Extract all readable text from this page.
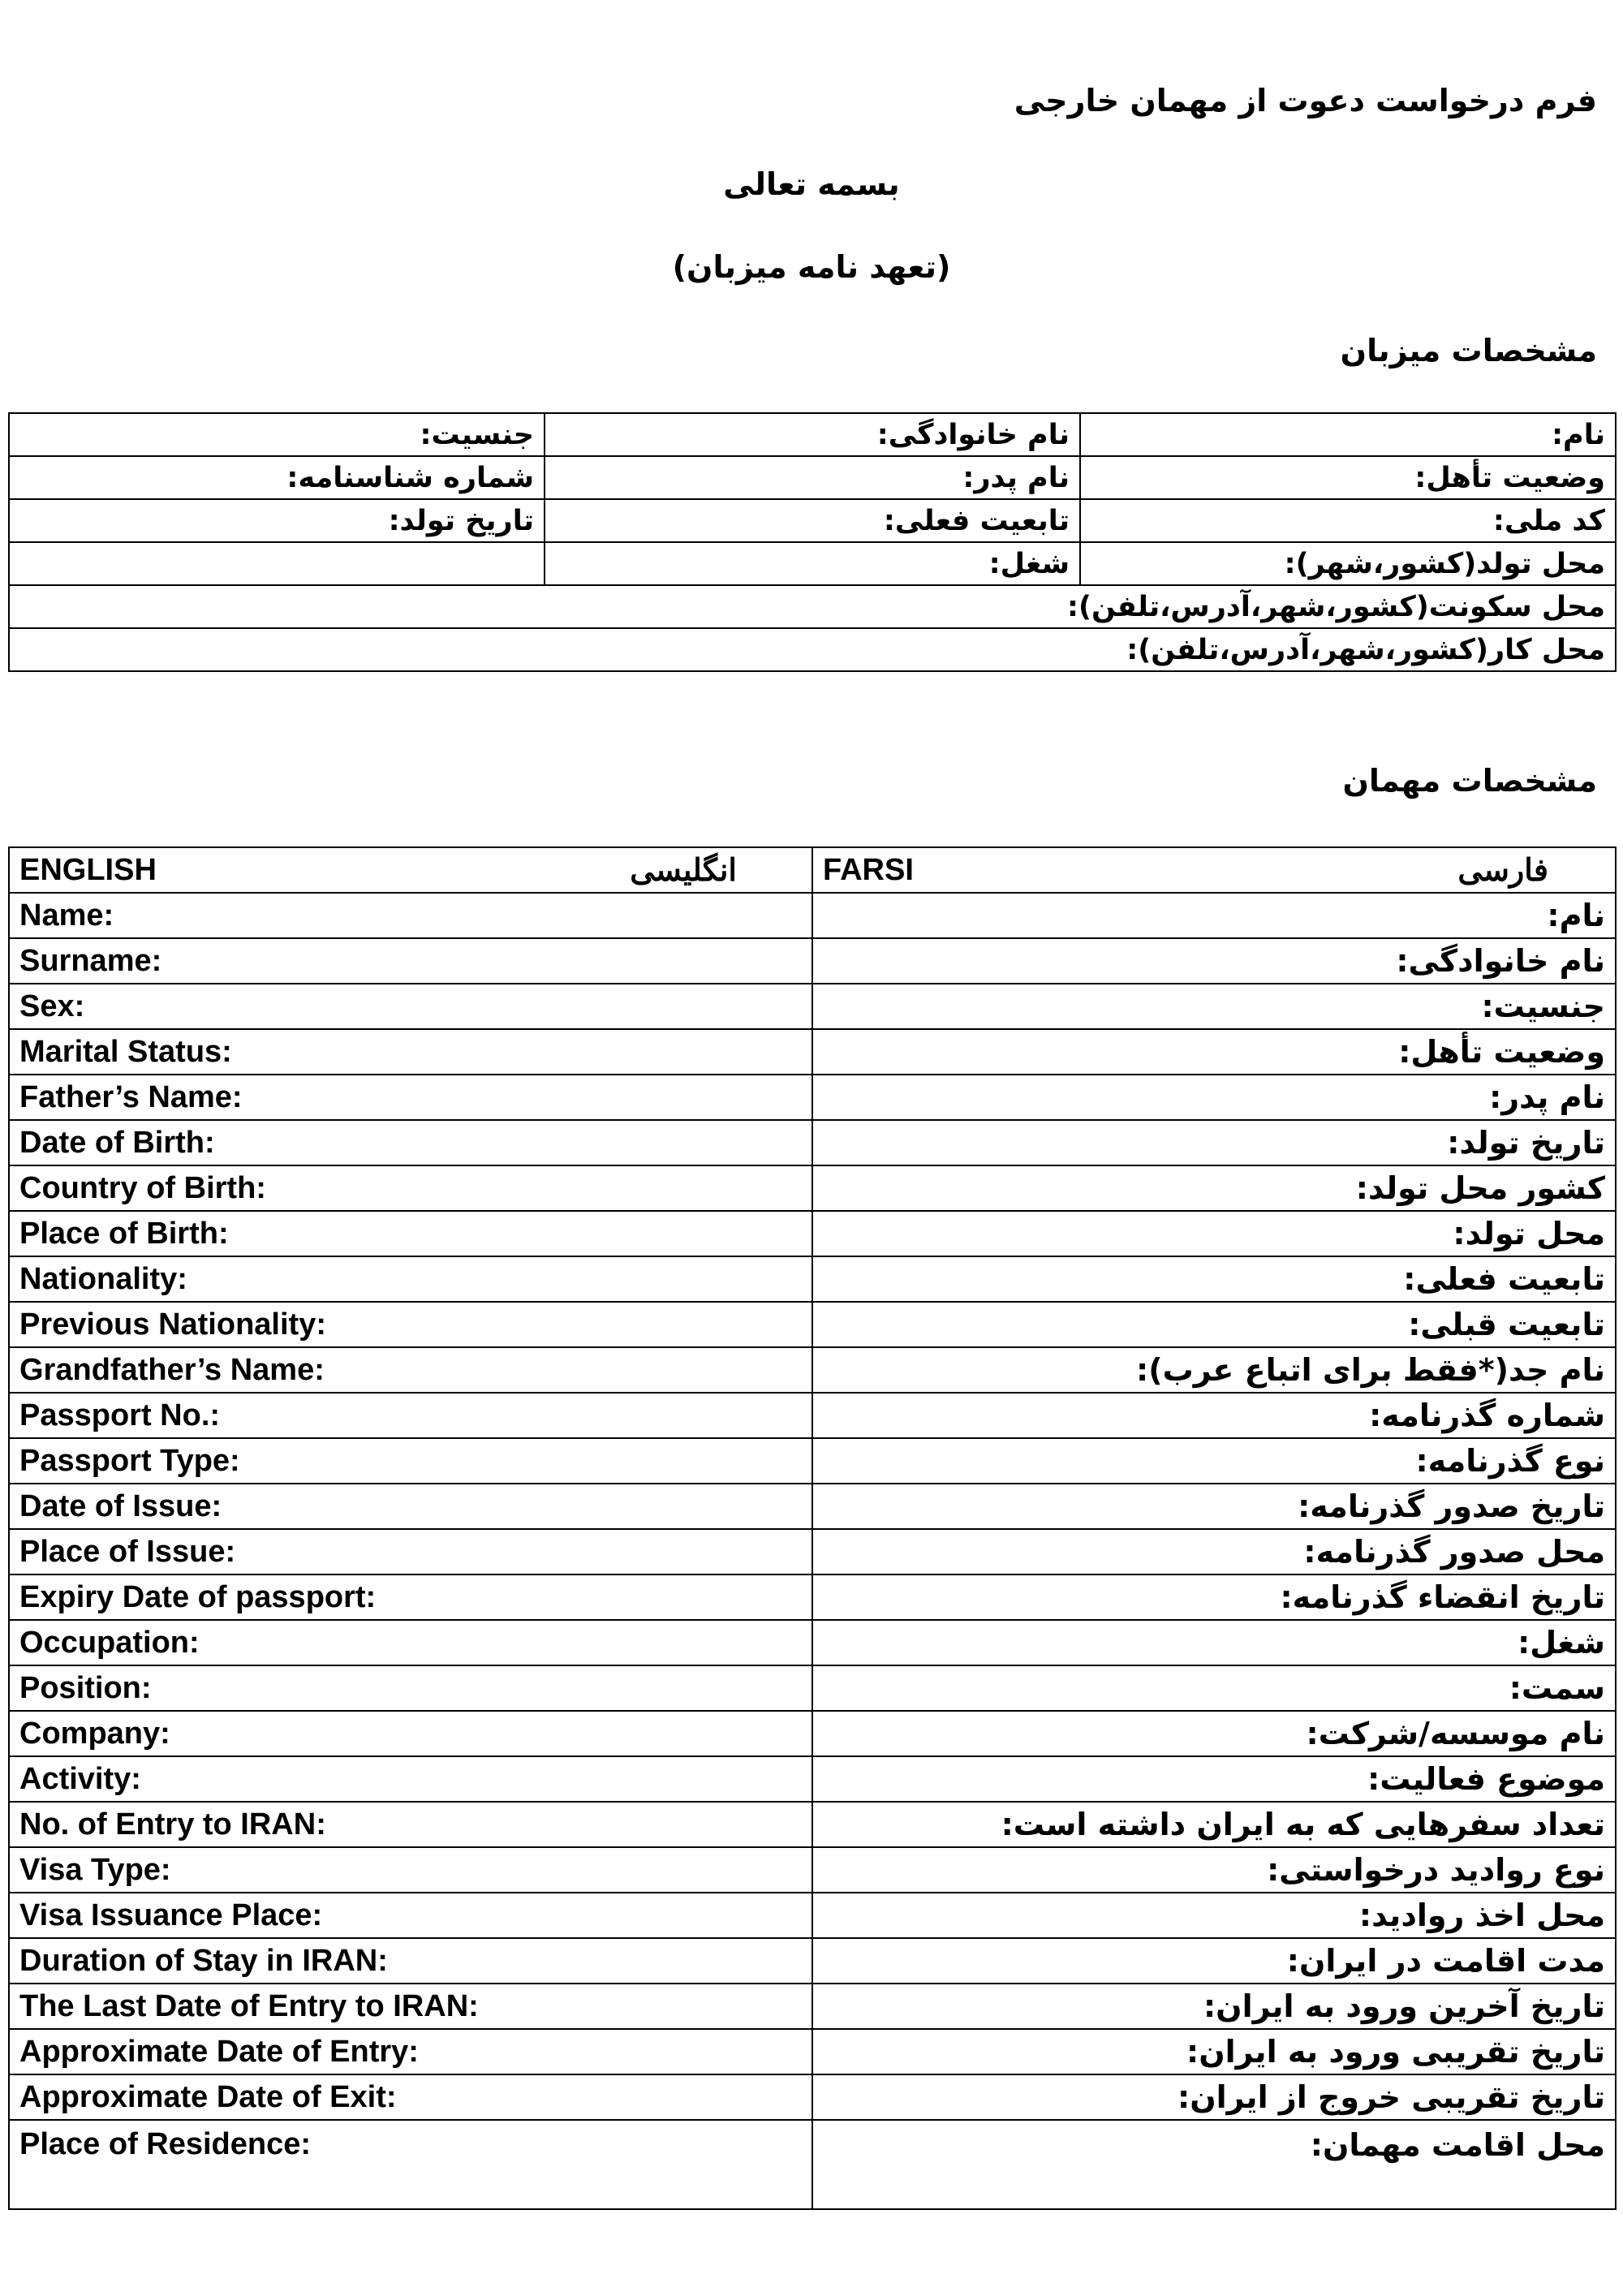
فرم درخواست دعوت از مهمان خارجی
بسمه تعالی
(تعهد نامه میزبان)
مشخصات میزبان
جنسیت:	نام خانوادگی:	نام:
شماره شناسنامه:	نام پدر:	وضعیت تأهل:
تاریخ تولد:	تابعیت فعلی:	کد ملی:
	شغل:	محل تولد(کشور،شهر):
محل سکونت(کشور،شهر،آدرس،تلفن):		
محل کار(کشور،شهر،آدرس،تلفن):		
مشخصات مهمان
ENGLISH انگلیسی	FARSI فارسی

Name:	نام:
Surname:	نام خانوادگی:
Sex:	جنسیت:
Marital Status:	وضعیت تأهل:
Father’s Name:	نام پدر:
Date of Birth:	تاریخ تولد:
Country of Birth:	کشور محل تولد:
Place of Birth:	محل تولد:
Nationality:	تابعیت فعلی:
Previous Nationality:	تابعیت قبلی:
Grandfather’s Name:	نام جد(*فقط برای اتباع عرب):
Passport No.:	شماره گذرنامه:
Passport Type:	نوع گذرنامه:
Date of Issue:	تاریخ صدور گذرنامه:
Place of Issue:	محل صدور گذرنامه:
Expiry Date of passport:	تاریخ انقضاء گذرنامه:
Occupation:	شغل:
Position:	سمت:
Company:	نام موسسه/شرکت:
Activity:	موضوع فعالیت:
No. of Entry to IRAN:	تعداد سفرهایی که به ایران داشته است:
Visa Type:	نوع روادید درخواستی:
Visa Issuance Place:	محل اخذ روادید:
Duration of Stay in IRAN:	مدت اقامت در ایران:
The Last Date of Entry to IRAN:	تاریخ آخرین ورود به ایران:
Approximate Date of Entry:	تاریخ تقریبی ورود به ایران:
Approximate Date of Exit:	تاریخ تقریبی خروج از ایران:
Place of Residence:	محل اقامت مهمان:
